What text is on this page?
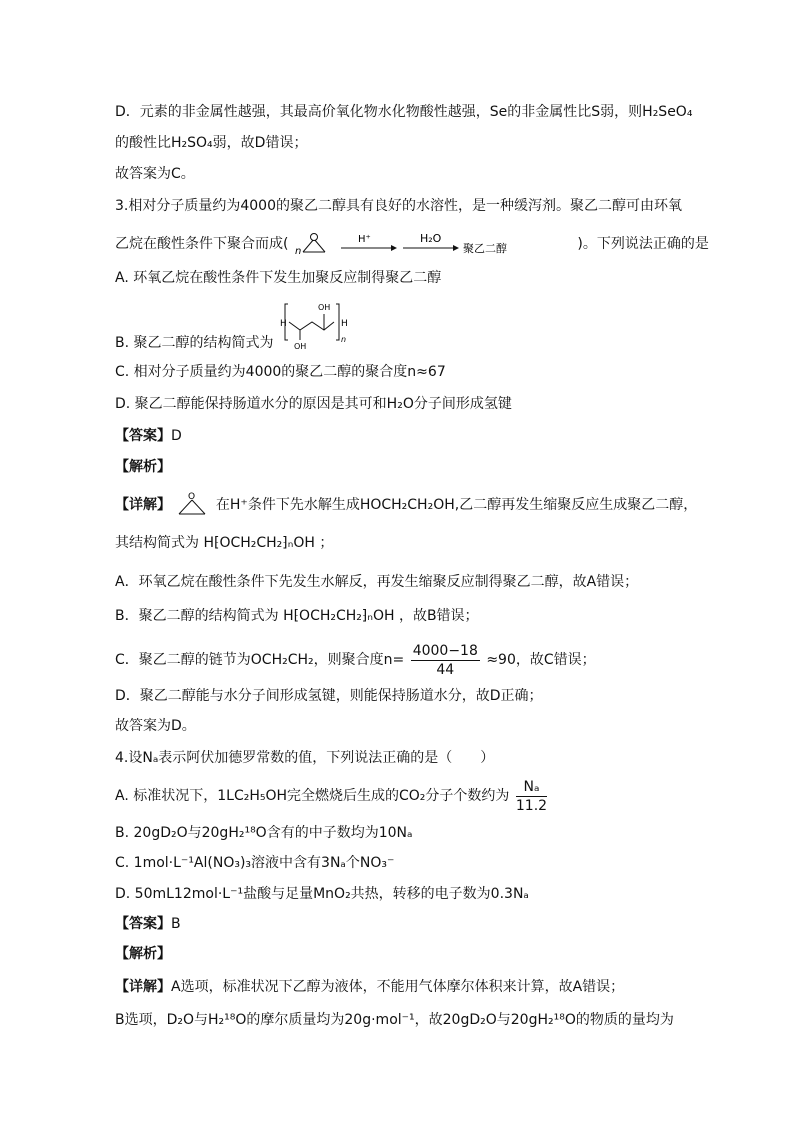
D．元素的非金属性越强，其最高价氧化物水化物酸性越强，Se的非金属性比S弱，则H₂SeO₄
的酸性比H₂SO₄弱，故D错误；
故答案为C。
3.相对分子质量约为4000的聚乙二醇具有良好的水溶性，是一种缓泻剂。聚乙二醇可由环氧
乙烷在酸性条件下聚合而成( n
H⁺	H₂O
聚乙二醇	)。下列说法正确的是
A. 环氧乙烷在酸性条件下发生加聚反应制得聚乙二醇
B. 聚乙二醇的结构简式为
H
OH
OH
H
n
C. 相对分子质量约为4000的聚乙二醇的聚合度n≈67
D. 聚乙二醇能保持肠道水分的原因是其可和H₂O分子间形成氢键
【答案】D
【解析】
【详解】 O 在H⁺条件下先水解生成HOCH₂CH₂OH,乙二醇再发生缩聚反应生成聚乙二醇，
其结构简式为 H⁅OCH₂CH₂⁆ₙOH ；
A．环氧乙烷在酸性条件下先发生水解反，再发生缩聚反应制得聚乙二醇，故A错误；
B．聚乙二醇的结构简式为 H⁅OCH₂CH₂⁆ₙOH ，故B错误；
C．聚乙二醇的链节为OCH₂CH₂，则聚合度$n= \frac{4000-18}{44} \approx 90$，故C错误；
D．聚乙二醇能与水分子间形成氢键，则能保持肠道水分，故D正确；
故答案为D。
4.设Nₐ表示阿伏加德罗常数的值，下列说法正确的是（　　）
A. 标准状况下，1LC₂H₅OH完全燃烧后生成的CO₂分子个数约为 $\frac{\text{Nₐ}}{11.2}$
B. 20gD₂O与20gH₂¹⁸O含有的中子数均为10Nₐ
C. 1mol·L⁻¹Al(NO₃)₃溶液中含有3Nₐ个NO₃⁻
D. 50mL12mol·L⁻¹盐酸与足量MnO₂共热，转移的电子数为0.3Nₐ
【答案】B
【解析】
【详解】A选项，标准状况下乙醇为液体，不能用气体摩尔体积来计算，故A错误；
B选项，D₂O与H₂¹⁸O的摩尔质量均为20g·mol⁻¹，故20gD₂O与20gH₂¹⁸O的物质的量均为
